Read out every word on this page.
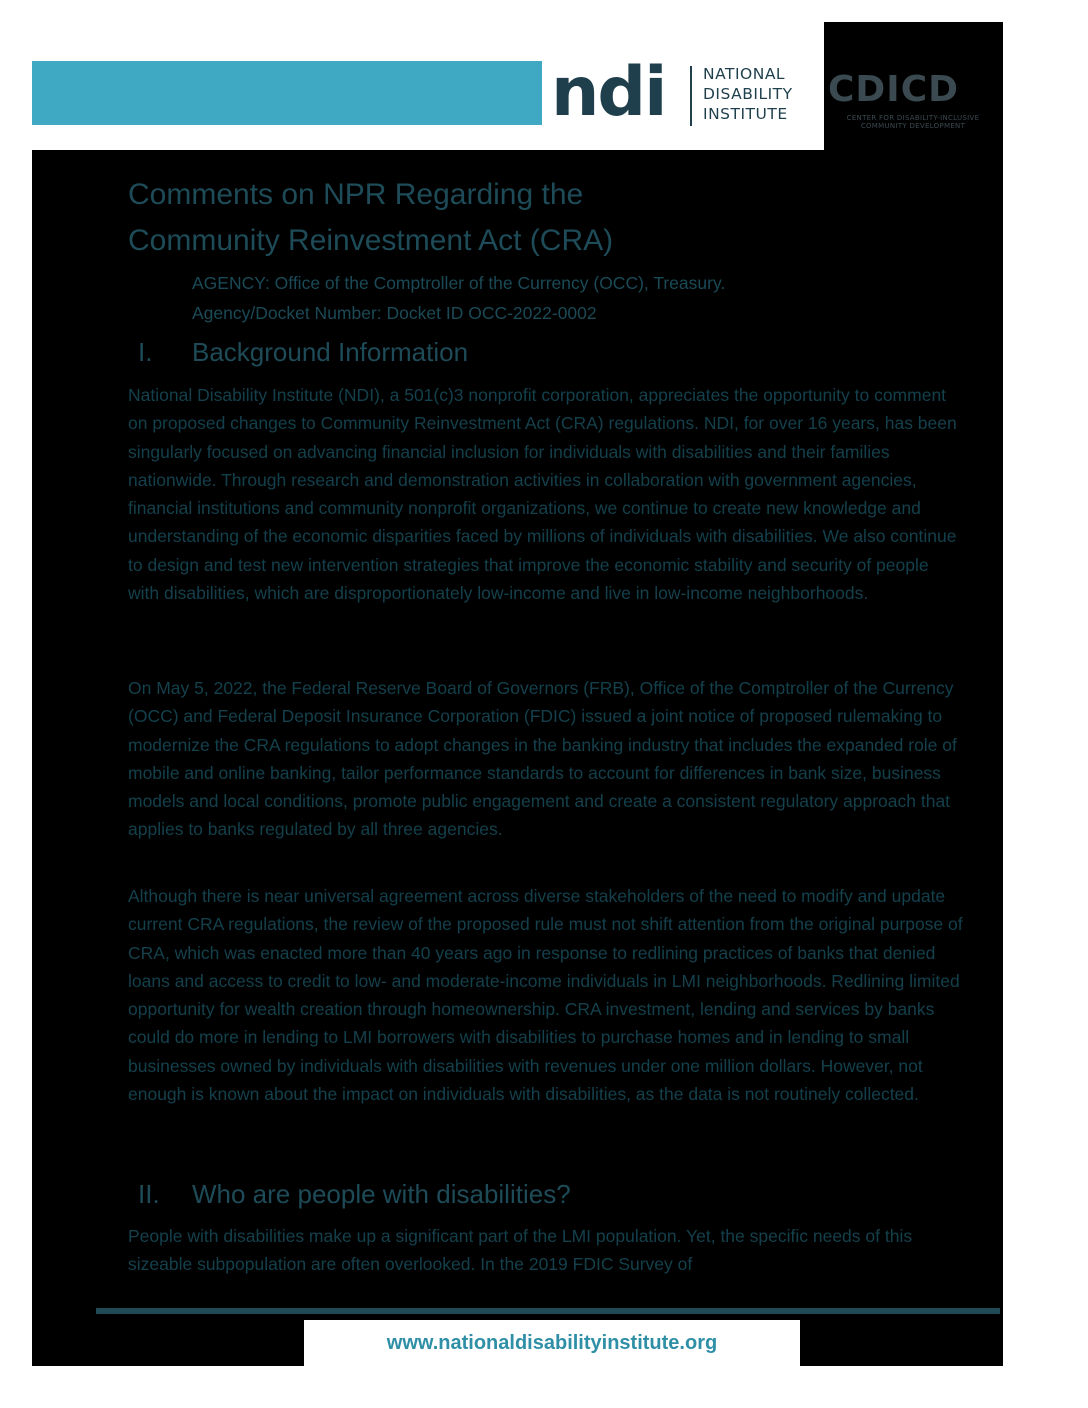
ndi NATIONAL
DISABILITY
INSTITUTE
CDICD
CENTER FOR DISABILITY-INCLUSIVE COMMUNITY DEVELOPMENT
Comments on NPR Regarding the
Community Reinvestment Act (CRA)
AGENCY: Office of the Comptroller of the Currency (OCC), Treasury.
Agency/Docket Number: Docket ID OCC-2022-0002
I. Background Information
National Disability Institute (NDI), a 501(c)3 nonprofit corporation, appreciates the opportunity to comment on proposed changes to Community Reinvestment Act (CRA) regulations. NDI, for over 16 years, has been singularly focused on advancing financial inclusion for individuals with disabilities and their families nationwide. Through research and demonstration activities in collaboration with government agencies, financial institutions and community nonprofit organizations, we continue to create new knowledge and understanding of the economic disparities faced by millions of individuals with disabilities. We also continue to design and test new intervention strategies that improve the economic stability and security of people with disabilities, which are disproportionately low-income and live in low-income neighborhoods.
On May 5, 2022, the Federal Reserve Board of Governors (FRB), Office of the Comptroller of the Currency (OCC) and Federal Deposit Insurance Corporation (FDIC) issued a joint notice of proposed rulemaking to modernize the CRA regulations to adopt changes in the banking industry that includes the expanded role of mobile and online banking, tailor performance standards to account for differences in bank size, business models and local conditions, promote public engagement and create a consistent regulatory approach that applies to banks regulated by all three agencies.
Although there is near universal agreement across diverse stakeholders of the need to modify and update current CRA regulations, the review of the proposed rule must not shift attention from the original purpose of CRA, which was enacted more than 40 years ago in response to redlining practices of banks that denied loans and access to credit to low- and moderate-income individuals in LMI neighborhoods. Redlining limited opportunity for wealth creation through homeownership. CRA investment, lending and services by banks could do more in lending to LMI borrowers with disabilities to purchase homes and in lending to small businesses owned by individuals with disabilities with revenues under one million dollars. However, not enough is known about the impact on individuals with disabilities, as the data is not routinely collected.
II. Who are people with disabilities?
People with disabilities make up a significant part of the LMI population. Yet, the specific needs of this sizeable subpopulation are often overlooked. In the 2019 FDIC Survey of
www.nationaldisabilityinstitute.org
